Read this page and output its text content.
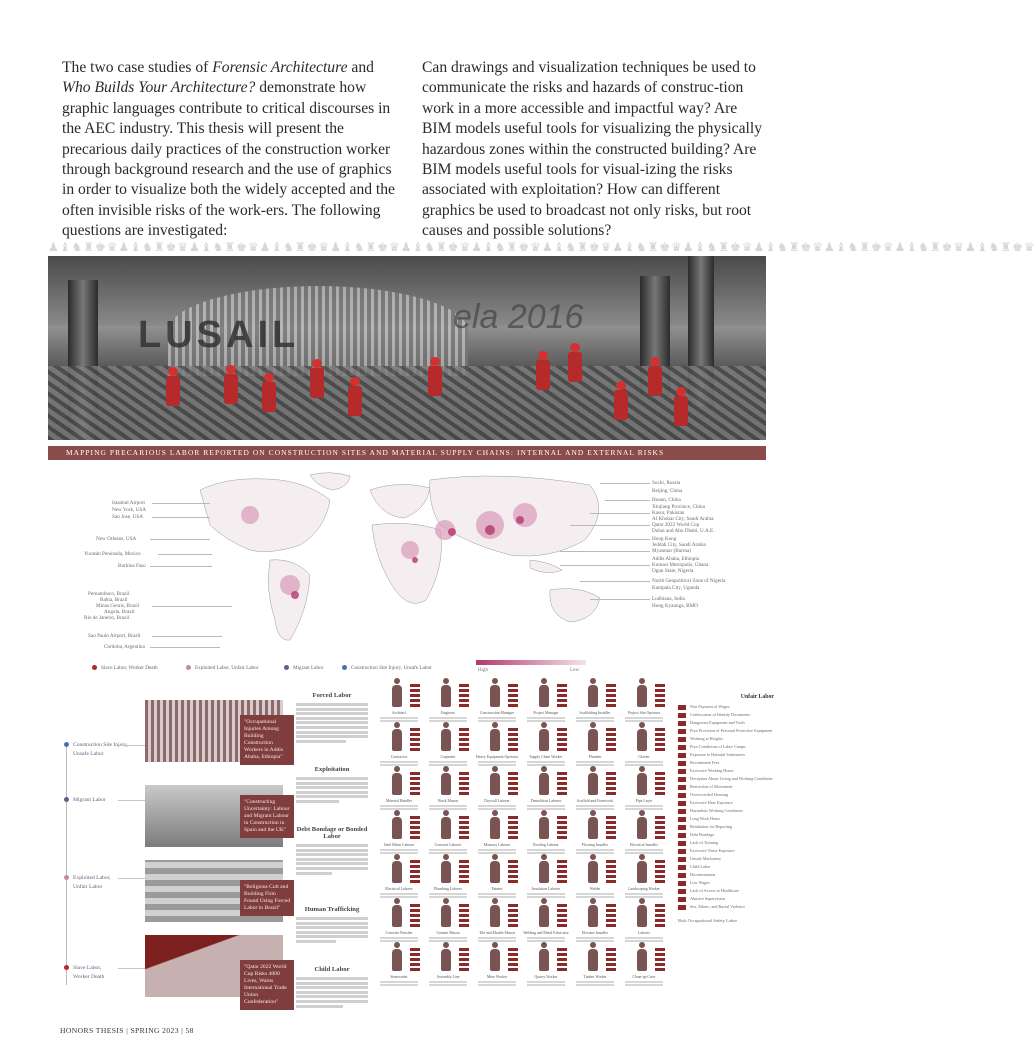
The two case studies of Forensic Architecture and Who Builds Your Architecture? demonstrate how graphic languages contribute to critical discourses in the AEC industry. This thesis will present the precarious daily practices of the construction worker through background research and the use of graphics in order to visualize both the widely accepted and the often invisible risks of the work-ers. The following questions are investigated:

Can drawings and visualization techniques be used to communicate the risks and hazards of construc-tion work in a more accessible and impactful way? Are BIM models useful tools for visualizing the physically hazardous zones within the constructed building? Are BIM models useful tools for visual-izing the risks associated with exploitation? How can different graphics be used to broadcast not only risks, but root causes and possible solutions?

♟♝♞♜♚♛♟♝♞♜♚♛♟♝♞♜♚♛♟♝♞♜♚♛♟♝♞♜♚♛♟♝♞♜♚♛♟♝♞♜♚♛♟♝♞♜♚♛♟♝♞♜♚♛♟♝♞♜♚♛♟♝♞♜♚♛♟♝♞♜♚♛♟♝♞♜♚♛♟♝♞♜♚♛
LUSAIL	ela 2016
MAPPING PRECARIOUS LABOR REPORTED ON CONSTRUCTION SITES AND MATERIAL SUPPLY CHAINS: INTERNAL AND EXTERNAL RISKS
Istanbul Airport
New York, USA
San Jose, USA
New Orleans, USA
Yucatán Peninsula, Mexico
Burkina Faso
Pernambuco, Brazil
Bahia, Brazil
Minas Gerais, Brazil
Angola, Brazil
Rio de Janeiro, Brazil
Sao Paulo Airport, Brazil
Cordoba, Argentina
Sochi, Russia
Beijing, China
Hunan, China
Xinjiang Province, China
Kasur, Pakistan
Al Khobar City, Saudi Arabia
Qatar 2022 World Cup
Dubai and Abu Dhabi, U.A.E.
Hong Kong
Jeddah City, Saudi Arabia
Myanmar (Burma)
Addis Ababa, Ethiopia
Kumasi Metropolis, Ghana
Ogun State, Nigeria
North Geopolitical Zone of Nigeria
Kampala City, Uganda
Ludhiana, India
Hong Kyaunga, BMO
Slave Labor, Worker Death	Exploited Labor, Unfair Labor	Migrant Labor	Construction Site Injury, Unsafe Labor	High	Low
Construction Site Injury,
Unsafe Labor
Migrant Labor
Exploited Labor,
Unfair Labor
Slave Labor,
Worker Death
"Occupational Injuries Among Building Construction Workers in Addis Ababa, Ethiopia"
"Constructing Uncertainty: Labour and Migrant Labour in Construction in Spain and the UK"
"Religious Cult and Building Firm Found Using Forced Labor in Brazil"
"Qatar 2022 World Cup Risks 4000 Lives, Warns International Trade Union Confederation"
Forced Labor
Exploitation
Debt Bondage or Bonded Labor
Human Trafficking
Child Labor
Architect	Engineer	Construction Manager	Project Manager	Scaffolding Installer	Project Site Operator
Contractor	Carpenter	Heavy Equipment Operator	Supply Chain Worker	Plumber	Glazier
Material Handler	Brick Mason	Drywall Laborer	Demolition Laborer	Scaffold and Formwork	Pipe Layer
Steel Rebar Laborer	Concrete Laborer	Masonry Laborer	Roofing Laborer	Flooring Installer	Electrical Installer
Electrical Laborer	Plumbing Laborer	Painter	Insulation Laborer	Welder	Landscaping Worker
Concrete Finisher	Cement Mason	Tile and Marble Mason	Welding and Metal Fabricator	Elevator Installer	Laborer
Stonecutter	Assembly Line	Mine Worker	Quarry Worker	Timber Worker	Clean-up Crew
Unfair Labor
Non Payment of Wages
Confiscation of Identity Documents
Dangerous Equipment and Tools
Poor Provision of Personal Protective Equipment
Working at Heights
Poor Conditions of Labor Camps
Exposure to Harmful Substances
Recruitment Fees
Excessive Working Hours
Deception About Living and Working Conditions
Restriction of Movement
Overcrowded Housing
Excessive Heat Exposure
Hazardous Working Conditions
Long Work Hours
Retaliation for Reporting
Debt Bondage
Lack of Training
Excessive Noise Exposure
Unsafe Machinery
Child Labor
Discrimination
Low Wages
Lack of Access to Healthcare
Abusive Supervision
Sex, Ethnic, and Racial Violence
Risk Occupational Safety Labor
HONORS THESIS | SPRING 2023 | 58
